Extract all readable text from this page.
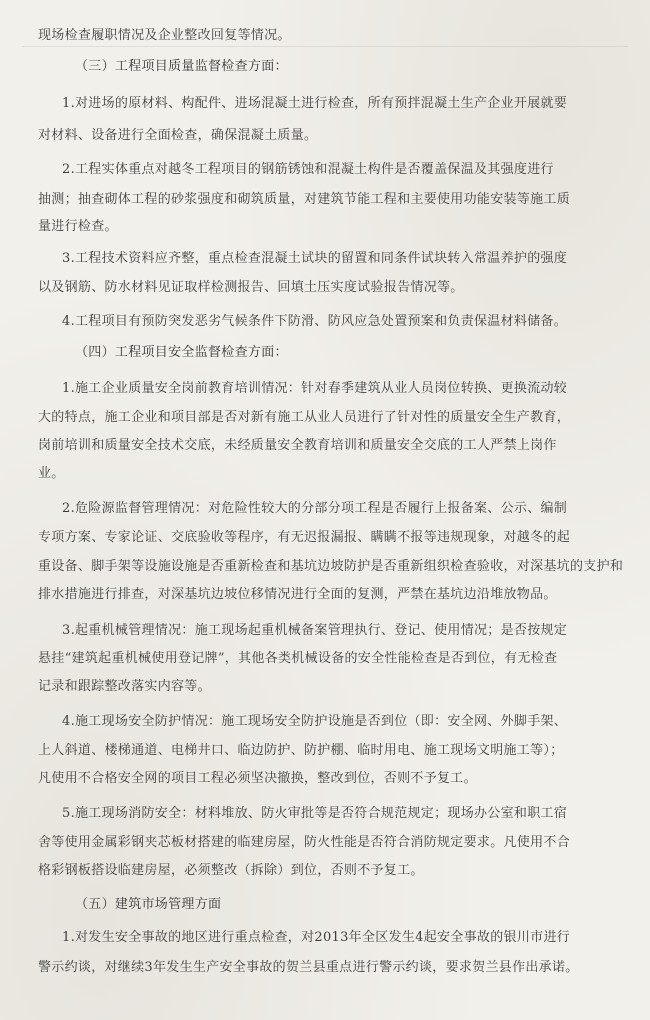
现场检查履职情况及企业整改回复等情况。

（三）工程项目质量监督检查方面：

1.对进场的原材料、构配件、进场混凝土进行检查，所有预拌混凝土生产企业开展就要

对材料、设备进行全面检查，确保混凝土质量。

2.工程实体重点对越冬工程项目的钢筋锈蚀和混凝土构件是否覆盖保温及其强度进行

抽测；抽查砌体工程的砂浆强度和砌筑质量，对建筑节能工程和主要使用功能安装等施工质

量进行检查。

3.工程技术资料应齐整，重点检查混凝土试块的留置和同条件试块转入常温养护的强度

以及钢筋、防水材料见证取样检测报告、回填土压实度试验报告情况等。

4.工程项目有预防突发恶劣气候条件下防滑、防风应急处置预案和负责保温材料储备。

（四）工程项目安全监督检查方面：

1.施工企业质量安全岗前教育培训情况：针对春季建筑从业人员岗位转换、更换流动较

大的特点，施工企业和项目部是否对新有施工从业人员进行了针对性的质量安全生产教育，

岗前培训和质量安全技术交底，未经质量安全教育培训和质量安全交底的工人严禁上岗作

业。

2.危险源监督管理情况：对危险性较大的分部分项工程是否履行上报备案、公示、编制

专项方案、专家论证、交底验收等程序，有无迟报漏报、瞒瞒不报等违规现象，对越冬的起

重设备、脚手架等设施设施是否重新检查和基坑边坡防护是否重新组织检查验收，对深基坑的支护和

排水措施进行排查，对深基坑边坡位移情况进行全面的复测，严禁在基坑边沿堆放物品。

3.起重机械管理情况：施工现场起重机械备案管理执行、登记、使用情况；是否按规定

悬挂“建筑起重机械使用登记牌”，其他各类机械设备的安全性能检查是否到位，有无检查

记录和跟踪整改落实内容等。

4.施工现场安全防护情况：施工现场安全防护设施是否到位（即：安全网、外脚手架、

上人斜道、楼梯通道、电梯井口、临边防护、防护棚、临时用电、施工现场文明施工等）；

凡使用不合格安全网的项目工程必须坚决撤换，整改到位，否则不予复工。

5.施工现场消防安全：材料堆放、防火审批等是否符合规范规定；现场办公室和职工宿

舍等使用金属彩钢夹芯板材搭建的临建房屋，防火性能是否符合消防规定要求。凡使用不合

格彩钢板搭设临建房屋，必须整改（拆除）到位，否则不予复工。

（五）建筑市场管理方面

1.对发生安全事故的地区进行重点检查，对2013年全区发生4起安全事故的银川市进行

警示约谈，对继续3年发生生产安全事故的贺兰县重点进行警示约谈，要求贺兰县作出承诺。
